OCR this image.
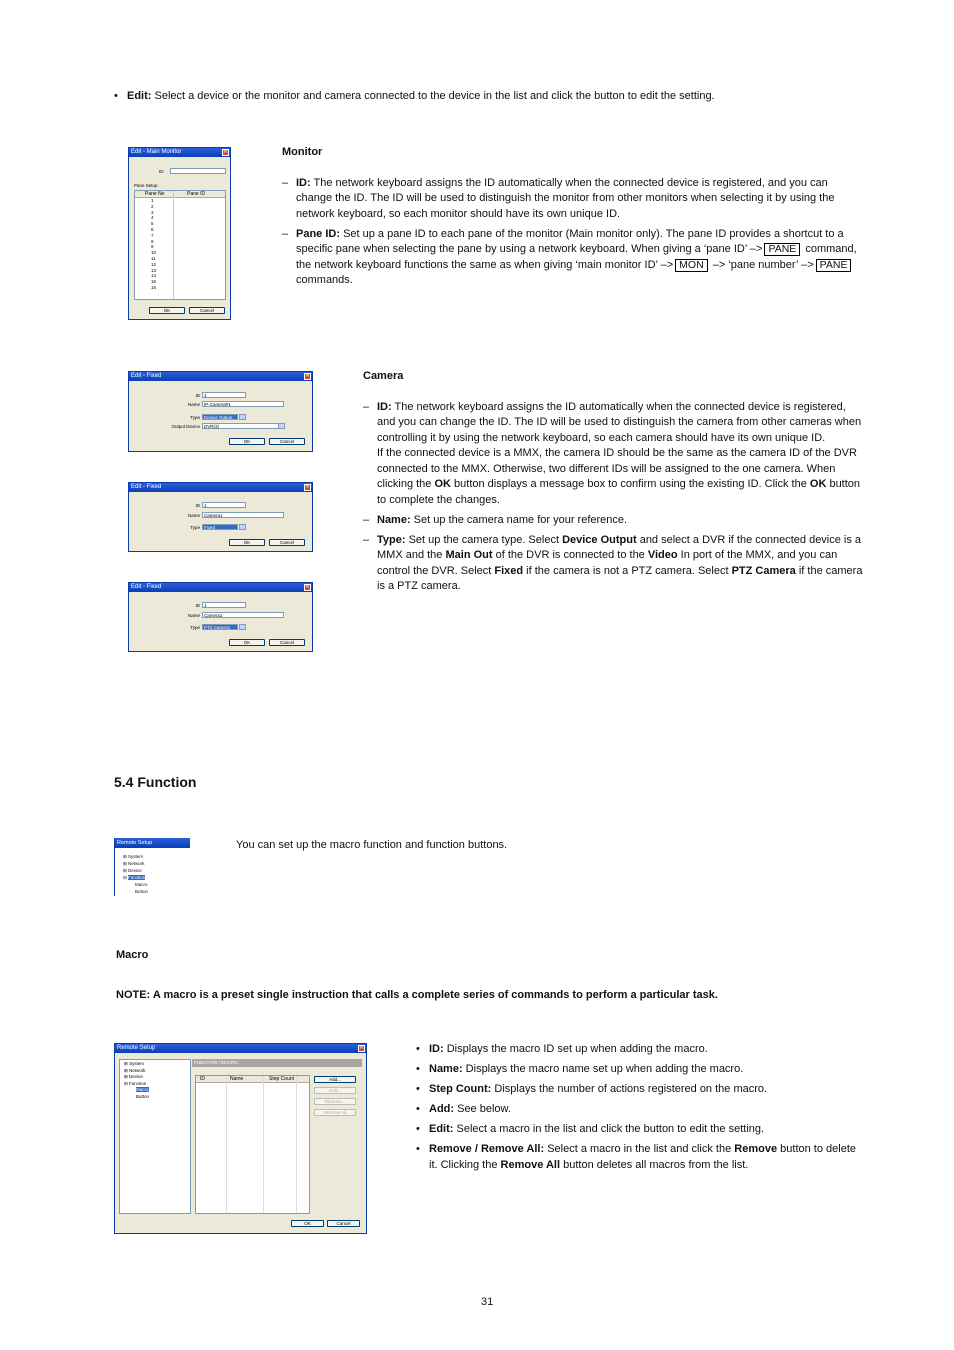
• Edit: Select a device or the monitor and camera connected to the device in the list and click the button to edit the setting.
Edit - Main Monitor	✕
ID
Pane Setup
Pane No	Pane ID
1
2
3
4
5
6
7
8
9
10
11
12
13
14
15
16
OK	Cancel
Monitor
– ID: The network keyboard assigns the ID automatically when the connected device is registered, and you can change the ID. The ID will be used to distinguish the monitor from other monitors when selecting it by using the network keyboard, so each monitor should have its own unique ID.
– Pane ID: Set up a pane ID to each pane of the monitor (Main monitor only). The pane ID provides a shortcut to a specific pane when selecting the pane by using a network keyboard. When giving a ‘pane ID’ –> PANE command, the network keyboard functions the same as when giving ‘main monitor ID’ –> MON –> ‘pane number’ –> PANE commands.
Edit - Fixed	✕
ID 1
Name IP-Camera#1
Type Device Output
Output Device DVR(3)
OK	Cancel
Edit - Fixed	✕
ID 1
Name Camera1
Type Fixed
OK	Cancel
Edit - Fixed	✕
ID 1
Name Camera1
Type PTZ Camera
OK	Cancel
Camera
– ID: The network keyboard assigns the ID automatically when the connected device is registered, and you can change the ID. The ID will be used to distinguish the camera from other cameras when controlling it by using the network keyboard, so each camera should have its own unique ID.
If the connected device is a MMX, the camera ID should be the same as the camera ID of the DVR connected to the MMX. Otherwise, two different IDs will be assigned to the one camera. When clicking the OK button displays a message box to confirm using the existing ID. Click the OK button to complete the changes.
– Name: Set up the camera name for your reference.
– Type: Set up the camera type. Select Device Output and select a DVR if the connected device is a MMX and the Main Out of the DVR is connected to the Video In port of the MMX, and you can control the DVR. Select Fixed if the camera is not a PTZ camera. Select PTZ Camera if the camera is a PTZ camera.
5.4 Function
Remote Setup
⊞ System
⊞ Network
⊞ Device
⊟ Function
Macro
Button
You can set up the macro function and function buttons.
Macro
NOTE: A macro is a preset single instruction that calls a complete series of commands to perform a particular task.
Remote Setup	✕
⊞ System
⊞ Network
⊞ Device
⊟ Function
Macro
Button
FUNCTION / MACRO
ID	Name	Step Count	Add...
Edit...
Remove...
Remove All
OK	Cancel
• ID: Displays the macro ID set up when adding the macro.
• Name: Displays the macro name set up when adding the macro.
• Step Count: Displays the number of actions registered on the macro.
• Add: See below.
• Edit: Select a macro in the list and click the button to edit the setting.
• Remove / Remove All: Select a macro in the list and click the Remove button to delete it. Clicking the Remove All button deletes all macros from the list.
31
